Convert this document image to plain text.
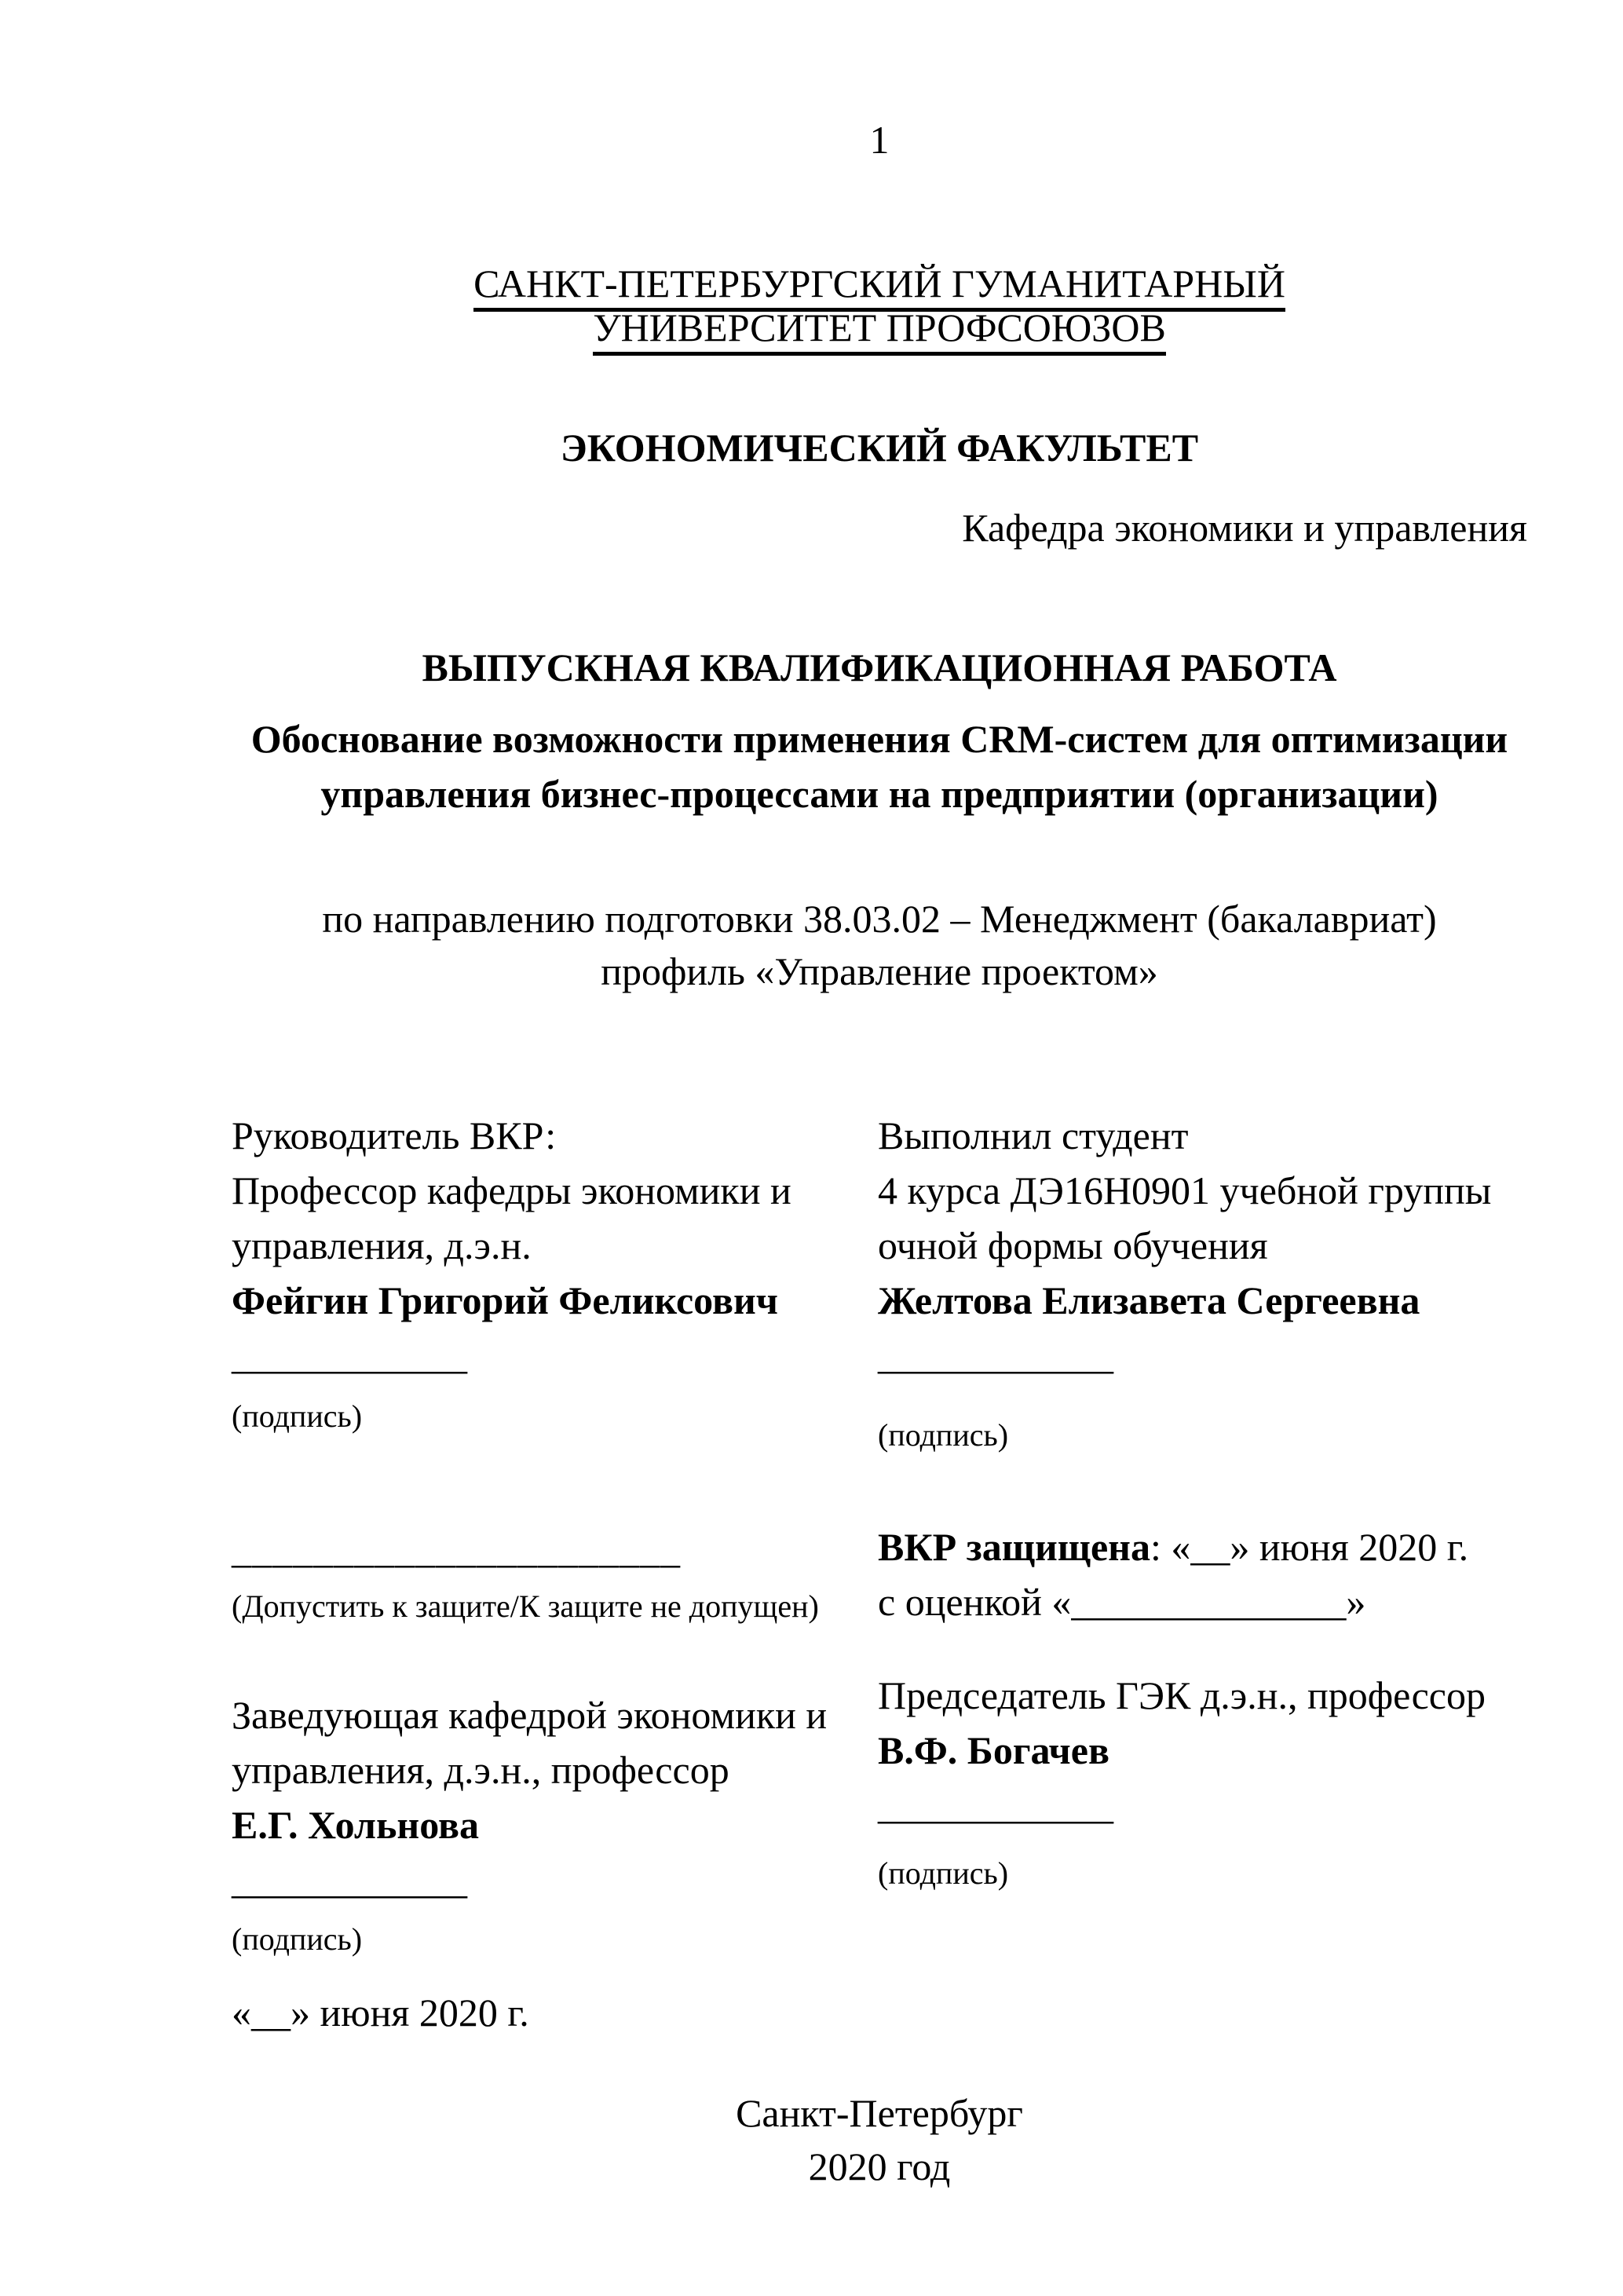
1
САНКТ-ПЕТЕРБУРГСКИЙ ГУМАНИТАРНЫЙ
УНИВЕРСИТЕТ ПРОФСОЮЗОВ
ЭКОНОМИЧЕСКИЙ ФАКУЛЬТЕТ
Кафедра экономики и управления
ВЫПУСКНАЯ КВАЛИФИКАЦИОННАЯ РАБОТА
Обоснование возможности применения CRM-систем для оптимизации
управления бизнес-процессами на предприятии (организации)
по направлению подготовки 38.03.02 – Менеджмент (бакалавриат)
профиль «Управление проектом»

Руководитель ВКР:

Профессор кафедры экономики и

управления, д.э.н.

Фейгин Григорий Феликсович

____________

(подпись)

______________________

(Допустить к защите/К защите не допущен)

Заведующая кафедрой экономики и

управления, д.э.н., профессор

Е.Г. Хольнова

____________

(подпись)

«__» июня 2020 г.

Выполнил студент

4 курса ДЭ16Н0901 учебной группы

очной формы обучения

Желтова Елизавета Сергеевна

____________

(подпись)

ВКР защищена: «__» июня 2020 г.

с оценкой «______________»

Председатель ГЭК д.э.н., профессор

В.Ф. Богачев

____________

(подпись)

Санкт-Петербург
2020 год
